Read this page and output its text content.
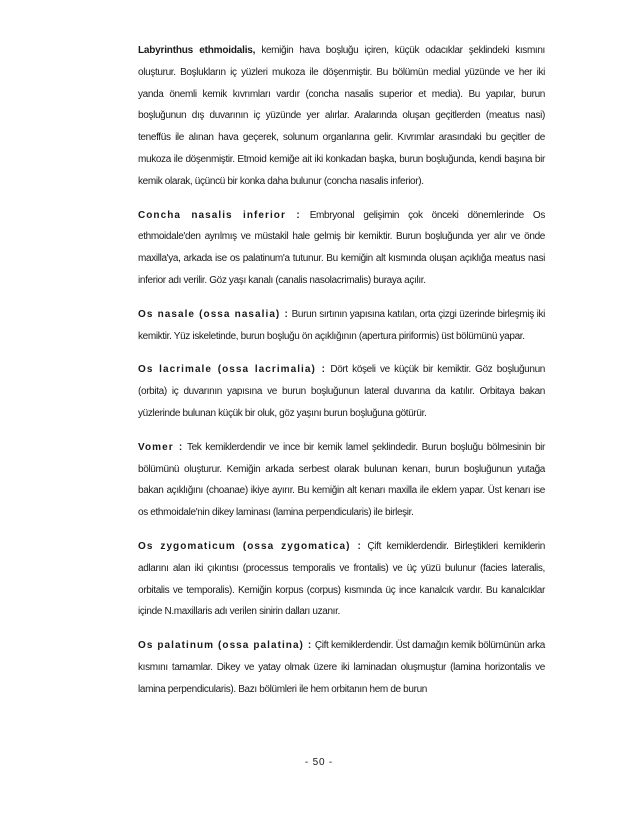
Labyrinthus ethmoidalis, kemiğin hava boşluğu içiren, küçük odacıklar şeklindeki kısmını oluşturur. Boşlukların iç yüzleri mukoza ile döşenmiştir. Bu bölümün medial yüzünde ve her iki yanda önemli kemik kıvrımları vardır (concha nasalis superior et media). Bu yapılar, burun boşluğunun dış duvarının iç yüzünde yer alırlar. Aralarında oluşan geçitlerden (meatus nasi) teneffüs ile alınan hava geçerek, solunum organlarına gelir. Kıvrımlar arasındaki bu geçitler de mukoza ile döşenmiştir. Etmoid kemiğe ait iki konkadan başka, burun boşluğunda, kendi başına bir kemik olarak, üçüncü bir konka daha bulunur (concha nasalis inferior).

Concha nasalis inferior : Embryonal gelişimin çok önceki dönemlerinde Os ethmoidale'den ayrılmış ve müstakil hale gelmiş bir kemiktir. Burun boşluğunda yer alır ve önde maxilla'ya, arkada ise os palatinum'a tutunur. Bu kemiğin alt kısmında oluşan açıklığa meatus nasi inferior adı verilir. Göz yaşı kanalı (canalis nasolacrimalis) buraya açılır.

Os nasale (ossa nasalia) : Burun sırtının yapısına katılan, orta çizgi üzerinde birleşmiş iki kemiktir. Yüz iskeletinde, burun boşluğu ön açıklığının (apertura piriformis) üst bölümünü yapar.

Os lacrimale (ossa lacrimalia) : Dört köşeli ve küçük bir kemiktir. Göz boşluğunun (orbita) iç duvarının yapısına ve burun boşluğunun lateral duvarına da katılır. Orbitaya bakan yüzlerinde bulunan küçük bir oluk, göz yaşını burun boşluğuna götürür.

Vomer : Tek kemiklerdendir ve ince bir kemik lamel şeklindedir. Burun boşluğu bölmesinin bir bölümünü oluşturur. Kemiğin arkada serbest olarak bulunan kenarı, burun boşluğunun yutağa bakan açıklığını (choanae) ikiye ayırır. Bu kemiğin alt kenarı maxilla ile eklem yapar. Üst kenarı ise os ethmoidale'nin dikey laminası (lamina perpendicularis) ile birleşir.

Os zygomaticum (ossa zygomatica) : Çift kemiklerdendir. Birleştikleri kemiklerin adlarını alan iki çıkıntısı (processus temporalis ve frontalis) ve üç yüzü bulunur (facies lateralis, orbitalis ve temporalis). Kemiğin korpus (corpus) kısmında üç ince kanalcık vardır. Bu kanalcıklar içinde N.maxillaris adı verilen sinirin dalları uzanır.

Os palatinum (ossa palatina) : Çift kemiklerdendir. Üst damağın kemik bölümünün arka kısmını tamamlar. Dikey ve yatay olmak üzere iki laminadan oluşmuştur (lamina horizontalis ve lamina perpendicularis). Bazı bölümleri ile hem orbitanın hem de burun

- 50 -
